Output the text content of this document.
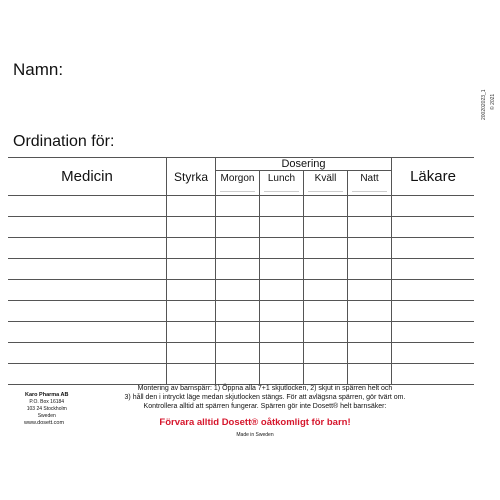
Namn:
200202023_1 © 2021
Ordination för:
Medicin	Styrka	Dosering				Läkare
		Morgon	Lunch	Kväll	Natt	

Karo Pharma AB
P.O. Box 16184
103 24 Stockholm
Sweden
www.dosett.com
Montering av barnspärr: 1) Öppna alla 7+1 skjutlocken, 2) skjut in spärren helt och
3) håll den i intryckt läge medan skjutlocken stängs. För att avlägsna spärren, gör tvärt om.
Kontrollera alltid att spärren fungerar. Spärren gör inte Dosett® helt barnsäker:
Förvara alltid Dosett® oåtkomligt för barn!
Made in Sweden
